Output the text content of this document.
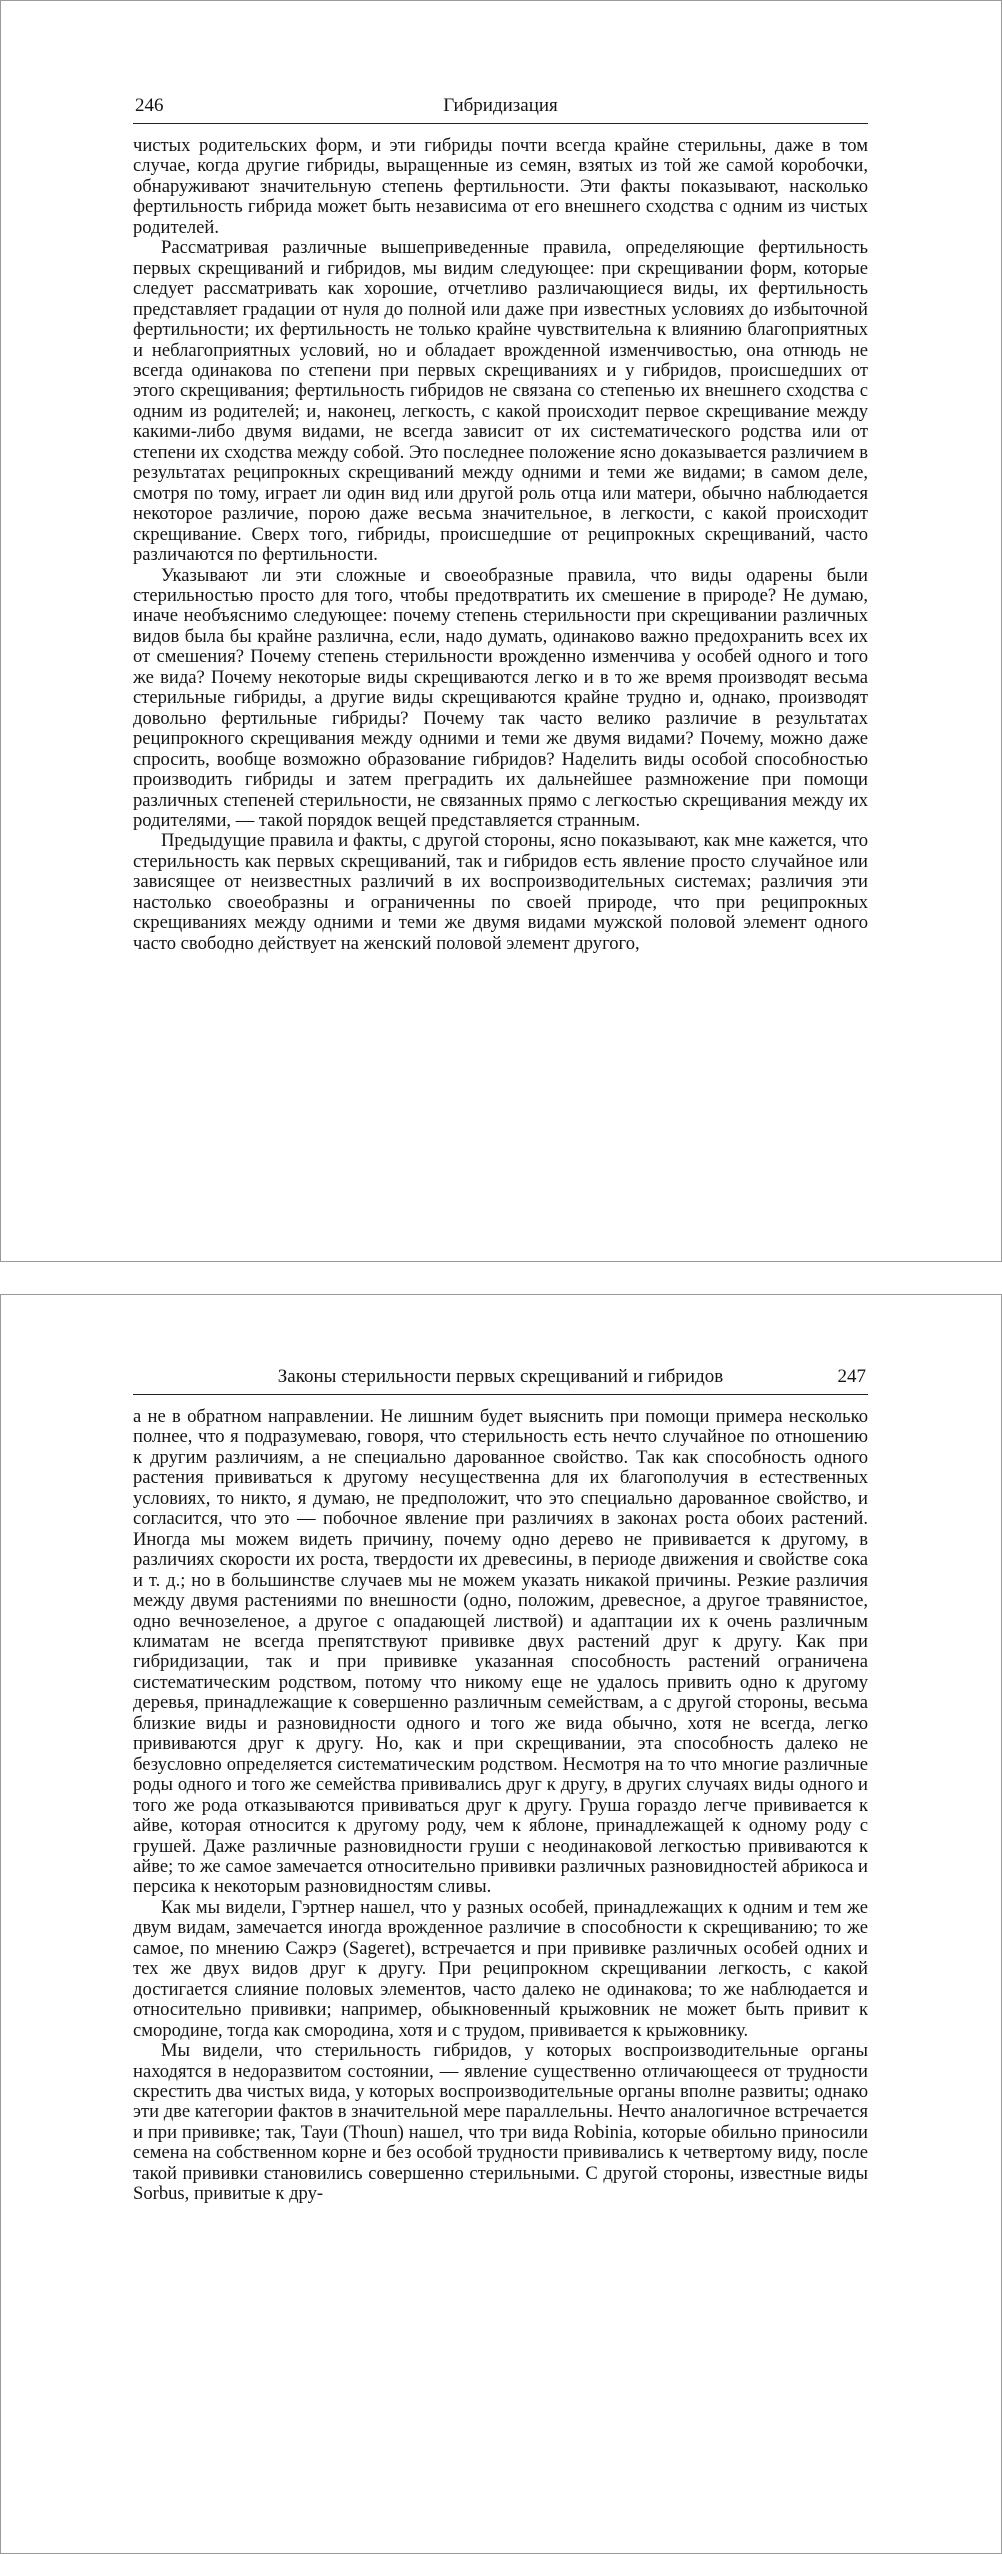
246	Гибридизация

чистых родительских форм, и эти гибриды почти всегда крайне стерильны, даже в том случае, когда другие гибриды, выращенные из семян, взятых из той же самой коробочки, обнаруживают значительную степень фертильности. Эти факты показывают, насколько фертильность гибрида может быть независима от его внешнего сходства с одним из чистых родителей.

Рассматривая различные вышеприведенные правила, определяющие фертильность первых скрещиваний и гибридов, мы видим следующее: при скрещивании форм, которые следует рассматривать как хорошие, отчетливо различающиеся виды, их фертильность представляет градации от нуля до полной или даже при известных условиях до избыточной фертильности; их фертильность не только крайне чувствительна к влиянию благоприятных и неблагоприятных условий, но и обладает врожденной изменчивостью, она отнюдь не всегда одинакова по степени при первых скрещиваниях и у гибридов, происшедших от этого скрещивания; фертильность гибридов не связана со степенью их внешнего сходства с одним из родителей; и, наконец, легкость, с какой происходит первое скрещивание между какими-либо двумя видами, не всегда зависит от их систематического родства или от степени их сходства между собой. Это последнее положение ясно доказывается различием в результатах реципрокных скрещиваний между одними и теми же видами; в самом деле, смотря по тому, играет ли один вид или другой роль отца или матери, обычно наблюдается некоторое различие, порою даже весьма значительное, в легкости, с какой происходит скрещивание. Сверх того, гибриды, происшедшие от реципрокных скрещиваний, часто различаются по фертильности.

Указывают ли эти сложные и своеобразные правила, что виды одарены были стерильностью просто для того, чтобы предотвратить их смешение в природе? Не думаю, иначе необъяснимо следующее: почему степень стерильности при скрещивании различных видов была бы крайне различна, если, надо думать, одинаково важно предохранить всех их от смешения? Почему степень стерильности врожденно изменчива у особей одного и того же вида? Почему некоторые виды скрещиваются легко и в то же время производят весьма стерильные гибриды, а другие виды скрещиваются крайне трудно и, однако, производят довольно фертильные гибриды? Почему так часто велико различие в результатах реципрокного скрещивания между одними и теми же двумя видами? Почему, можно даже спросить, вообще возможно образование гибридов? Наделить виды особой способностью производить гибриды и затем преградить их дальнейшее размножение при помощи различных степеней стерильности, не связанных прямо с легкостью скрещивания между их родителями, — такой порядок вещей представляется странным.

Предыдущие правила и факты, с другой стороны, ясно показывают, как мне кажется, что стерильность как первых скрещиваний, так и гибридов есть явление просто случайное или зависящее от неизвестных различий в их воспроизводительных системах; различия эти настолько своеобразны и ограниченны по своей природе, что при реципрокных скрещиваниях между одними и теми же двумя видами мужской половой элемент одного часто свободно действует на женский половой элемент другого,

Законы стерильности первых скрещиваний и гибридов	247

а не в обратном направлении. Не лишним будет выяснить при помощи примера несколько полнее, что я подразумеваю, говоря, что стерильность есть нечто случайное по отношению к другим различиям, а не специально дарованное свойство. Так как способность одного растения прививаться к другому несущественна для их благополучия в естественных условиях, то никто, я думаю, не предположит, что это специально дарованное свойство, и согласится, что это — побочное явление при различиях в законах роста обоих растений. Иногда мы можем видеть причину, почему одно дерево не прививается к другому, в различиях скорости их роста, твердости их древесины, в периоде движения и свойстве сока и т. д.; но в большинстве случаев мы не можем указать никакой причины. Резкие различия между двумя растениями по внешности (одно, положим, древесное, а другое травянистое, одно вечнозеленое, а другое с опадающей листвой) и адаптации их к очень различным климатам не всегда препятствуют прививке двух растений друг к другу. Как при гибридизации, так и при прививке указанная способность растений ограничена систематическим родством, потому что никому еще не удалось привить одно к другому деревья, принадлежащие к совершенно различным семействам, а с другой стороны, весьма близкие виды и разновидности одного и того же вида обычно, хотя не всегда, легко прививаются друг к другу. Но, как и при скрещивании, эта способность далеко не безусловно определяется систематическим родством. Несмотря на то что многие различные роды одного и того же семейства прививались друг к другу, в других случаях виды одного и того же рода отказываются прививаться друг к другу. Груша гораздо легче прививается к айве, которая относится к другому роду, чем к яблоне, принадлежащей к одному роду с грушей. Даже различные разновидности груши с неодинаковой легкостью прививаются к айве; то же самое замечается относительно прививки различных разновидностей абрикоса и персика к некоторым разновидностям сливы.

Как мы видели, Гэртнер нашел, что у разных особей, принадлежащих к одним и тем же двум видам, замечается иногда врожденное различие в способности к скрещиванию; то же самое, по мнению Сажрэ (Sageret), встречается и при прививке различных особей одних и тех же двух видов друг к другу. При реципрокном скрещивании легкость, с какой достигается слияние половых элементов, часто далеко не одинакова; то же наблюдается и относительно прививки; например, обыкновенный крыжовник не может быть привит к смородине, тогда как смородина, хотя и с трудом, прививается к крыжовнику.

Мы видели, что стерильность гибридов, у которых воспроизводительные органы находятся в недоразвитом состоянии, — явление существенно отличающееся от трудности скрестить два чистых вида, у которых воспроизводительные органы вполне развиты; однако эти две категории фактов в значительной мере параллельны. Нечто аналогичное встречается и при прививке; так, Тауи (Thoun) нашел, что три вида Robinia, которые обильно приносили семена на собственном корне и без особой трудности прививались к четвертому виду, после такой прививки становились совершенно стерильными. С другой стороны, известные виды Sorbus, привитые к дру-
